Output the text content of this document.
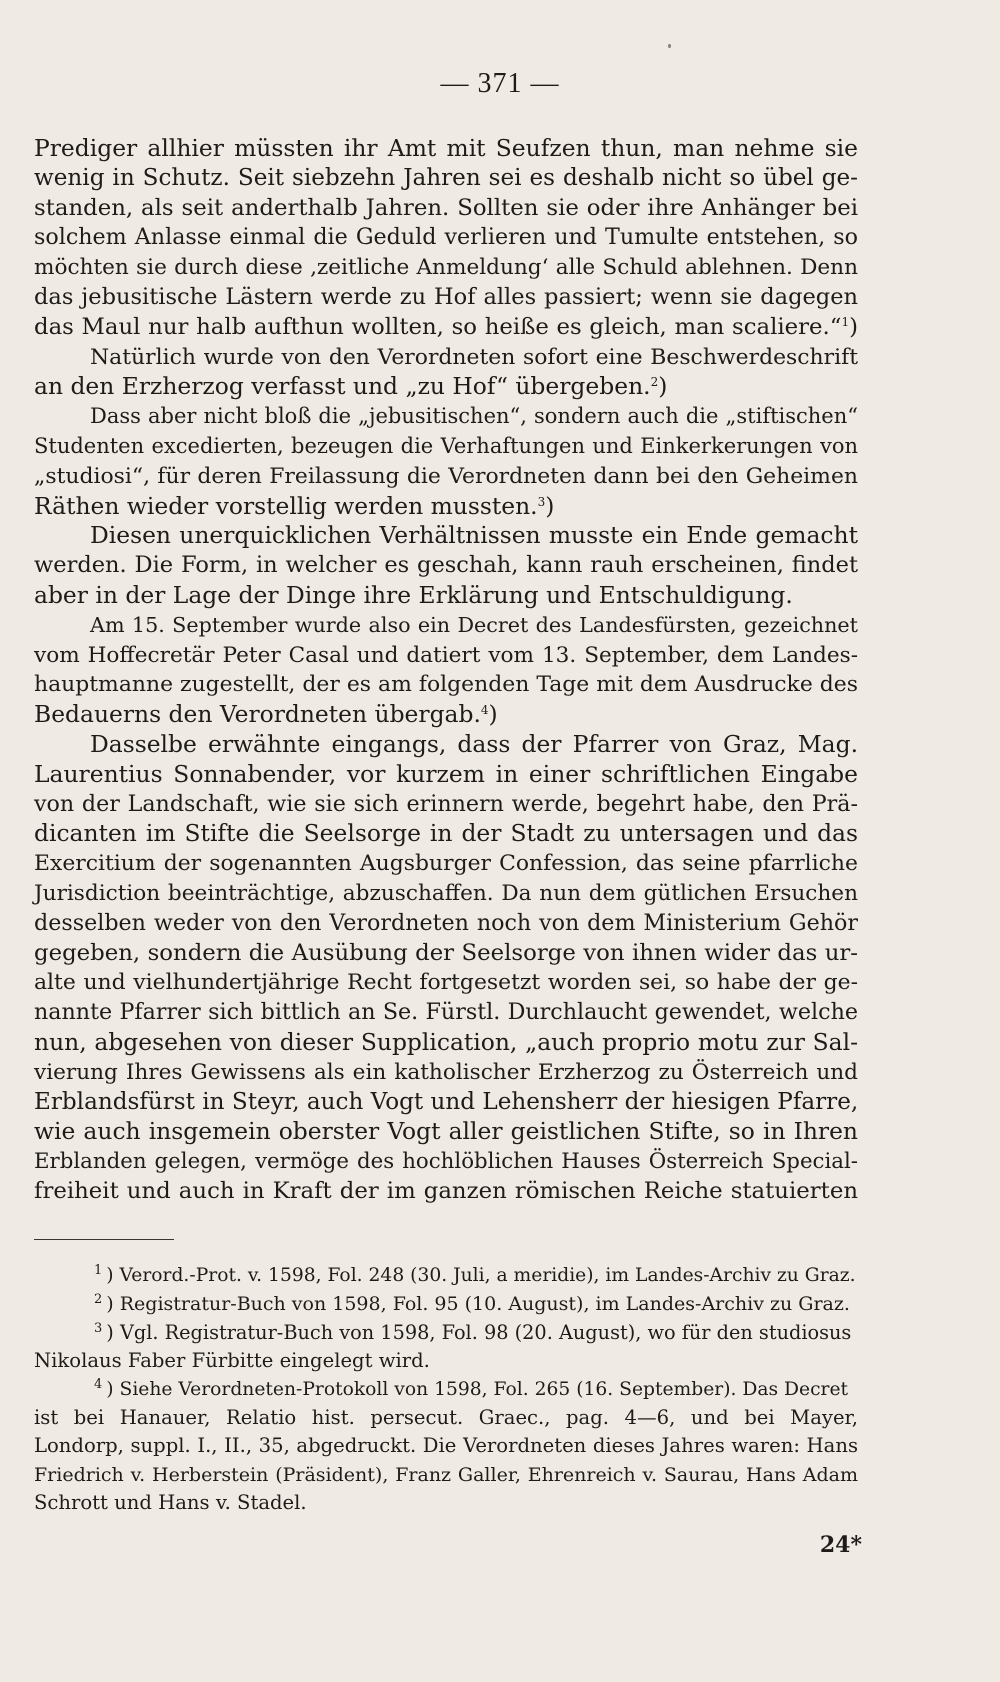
— 371 —
Prediger allhier müssten ihr Amt mit Seufzen thun, man nehme sie
wenig in Schutz. Seit siebzehn Jahren sei es deshalb nicht so übel ge-
standen, als seit anderthalb Jahren. Sollten sie oder ihre Anhänger bei
solchem Anlasse einmal die Geduld verlieren und Tumulte entstehen, so
möchten sie durch diese ‚zeitliche Anmeldung‘ alle Schuld ablehnen. Denn
das jebusitische Lästern werde zu Hof alles passiert; wenn sie dagegen
das Maul nur halb aufthun wollten, so heiße es gleich, man scaliere.“$^1$)
Natürlich wurde von den Verordneten sofort eine Beschwerdeschrift
an den Erzherzog verfasst und „zu Hof“ übergeben.$^2$)
Dass aber nicht bloß die „jebusitischen“, sondern auch die „stiftischen“
Studenten excedierten, bezeugen die Verhaftungen und Einkerkerungen von
„studiosi“, für deren Freilassung die Verordneten dann bei den Geheimen
Räthen wieder vorstellig werden mussten.$^3$)
Diesen unerquicklichen Verhältnissen musste ein Ende gemacht
werden. Die Form, in welcher es geschah, kann rauh erscheinen, findet
aber in der Lage der Dinge ihre Erklärung und Entschuldigung.
Am 15. September wurde also ein Decret des Landesfürsten, gezeichnet
vom Hoffecretär Peter Casal und datiert vom 13. September, dem Landes-
hauptmanne zugestellt, der es am folgenden Tage mit dem Ausdrucke des
Bedauerns den Verordneten übergab.$^4$)
Dasselbe erwähnte eingangs, dass der Pfarrer von Graz, Mag.
Laurentius Sonnabender, vor kurzem in einer schriftlichen Eingabe
von der Landschaft, wie sie sich erinnern werde, begehrt habe, den Prä-
dicanten im Stifte die Seelsorge in der Stadt zu untersagen und das
Exercitium der sogenannten Augsburger Confession, das seine pfarrliche
Jurisdiction beeinträchtige, abzuschaffen. Da nun dem gütlichen Ersuchen
desselben weder von den Verordneten noch von dem Ministerium Gehör
gegeben, sondern die Ausübung der Seelsorge von ihnen wider das ur-
alte und vielhundertjährige Recht fortgesetzt worden sei, so habe der ge-
nannte Pfarrer sich bittlich an Se. Fürstl. Durchlaucht gewendet, welche
nun, abgesehen von dieser Supplication, „auch proprio motu zur Sal-
vierung Ihres Gewissens als ein katholischer Erzherzog zu Österreich und
Erblandsfürst in Steyr, auch Vogt und Lehensherr der hiesigen Pfarre,
wie auch insgemein oberster Vogt aller geistlichen Stifte, so in Ihren
Erblanden gelegen, vermöge des hochlöblichen Hauses Österreich Special-
freiheit und auch in Kraft der im ganzen römischen Reiche statuierten
$^1$ ) Verord.-Prot. v. 1598, Fol. 248 (30. Juli, a meridie), im Landes-Archiv zu Graz.
$^2$ ) Registratur-Buch von 1598, Fol. 95 (10. August), im Landes-Archiv zu Graz.
$^3$ ) Vgl. Registratur-Buch von 1598, Fol. 98 (20. August), wo für den studiosus
Nikolaus Faber Fürbitte eingelegt wird.
$^4$ ) Siehe Verordneten-Protokoll von 1598, Fol. 265 (16. September). Das Decret
ist bei Hanauer, Relatio hist. persecut. Graec., pag. 4—6, und bei Mayer,
Londorp, suppl. I., II., 35, abgedruckt. Die Verordneten dieses Jahres waren: Hans
Friedrich v. Herberstein (Präsident), Franz Galler, Ehrenreich v. Saurau, Hans Adam
Schrott und Hans v. Stadel.
24*
